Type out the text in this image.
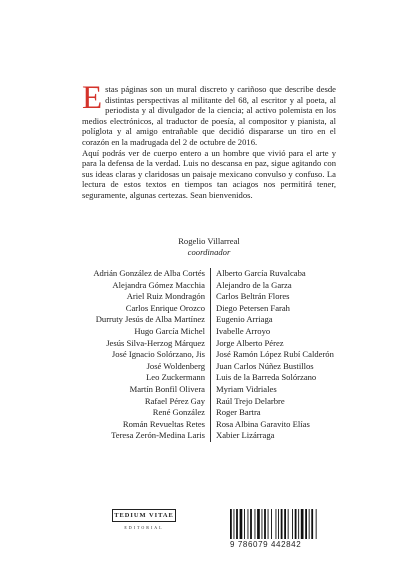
Estas páginas son un mural discreto y cariñoso que describe desde distintas perspectivas al militante del 68, al escritor y al poeta, al periodista y al divulgador de la ciencia; al activo polemista en los medios electrónicos, al traductor de poesía, al compositor y pianista, al políglota y al amigo entrañable que decidió dispararse un tiro en el corazón en la madrugada del 2 de octubre de 2016.

Aquí podrás ver de cuerpo entero a un hombre que vivió para el arte y para la defensa de la verdad. Luis no descansa en paz, sigue agitando con sus ideas claras y claridosas un paisaje mexicano convulso y confuso. La lectura de estos textos en tiempos tan aciagos nos permitirá tener, seguramente, algunas certezas. Sean bienvenidos.

Rogelio Villarreal
coordinador
Adrián González de Alba Cortés
Alejandra Gómez Macchia
Ariel Ruiz Mondragón
Carlos Enrique Orozco
Durruty Jesús de Alba Martínez
Hugo García Michel
Jesús Silva-Herzog Márquez
José Ignacio Solórzano, Jis
José Woldenberg
Leo Zuckermann
Martín Bonfil Olivera
Rafael Pérez Gay
René González
Román Revueltas Retes
Teresa Zerón-Medina Laris
Alberto García Ruvalcaba
Alejandro de la Garza
Carlos Beltrán Flores
Diego Petersen Farah
Eugenio Arriaga
Ivabelle Arroyo
Jorge Alberto Pérez
José Ramón López Rubí Calderón
Juan Carlos Núñez Bustillos
Luis de la Barreda Solórzano
Myriam Vidriales
Raúl Trejo Delarbre
Roger Bartra
Rosa Albina Garavito Elías
Xabier Lizárraga
TEDIUM VITAE
EDITORIAL
9 786079 442842
